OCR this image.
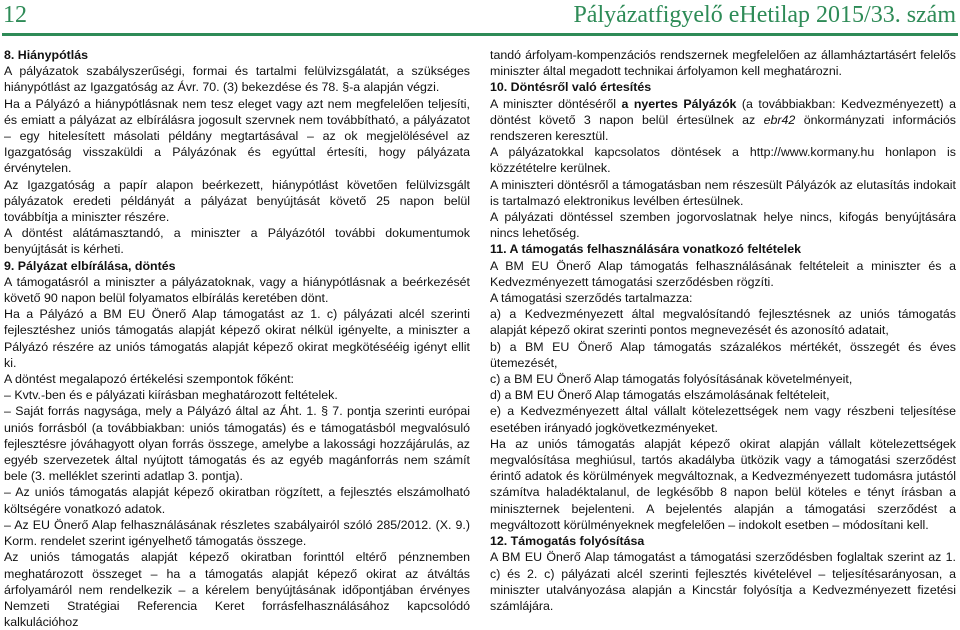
12	Pályázatfigyelő eHetilap 2015/33. szám

8. Hiánypótlás

A pályázatok szabályszerűségi, formai és tartalmi felülvizsgálatát, a szükséges hiánypótlást az Igazgatóság az Ávr. 70. (3) bekezdése és 78. §-a alapján végzi.

Ha a Pályázó a hiánypótlásnak nem tesz eleget vagy azt nem megfelelően teljesíti, és emiatt a pályázat az elbírálásra jogosult szervnek nem továbbítható, a pályázatot – egy hitelesített másolati példány megtartásával – az ok megjelölésével az Igazgatóság visszaküldi a Pályázónak és egyúttal értesíti, hogy pályázata érvénytelen.

Az Igazgatóság a papír alapon beérkezett, hiánypótlást követően felülvizsgált pályázatok eredeti példányát a pályázat benyújtását követő 25 napon belül továbbítja a miniszter részére.

A döntést alátámasztandó, a miniszter a Pályázótól további dokumentumok benyújtását is kérheti.

9. Pályázat elbírálása, döntés

A támogatásról a miniszter a pályázatoknak, vagy a hiánypótlásnak a beérkezését követő 90 napon belül folyamatos elbírálás keretében dönt.

Ha a Pályázó a BM EU Önerő Alap támogatást az 1. c) pályázati alcél szerinti fejlesztéshez uniós támogatás alapját képező okirat nélkül igényelte, a miniszter a Pályázó részére az uniós támogatás alapját képező okirat megkötésééig igényt ellit ki.

A döntést megalapozó értékelési szempontok főként:

– Kvtv.-ben és e pályázati kiírásban meghatározott feltételek.

– Saját forrás nagysága, mely a Pályázó által az Áht. 1. § 7. pontja szerinti európai uniós forrásból (a továbbiakban: uniós támogatás) és e támogatásból megvalósuló fejlesztésre jóváhagyott olyan forrás összege, amelybe a lakossági hozzájárulás, az egyéb szervezetek által nyújtott támogatás és az egyéb magánforrás nem számít bele (3. melléklet szerinti adatlap 3. pontja).

– Az uniós támogatás alapját képező okiratban rögzített, a fejlesztés elszámolható költségére vonatkozó adatok.

– Az EU Önerő Alap felhasználásának részletes szabályairól szóló 285/2012. (X. 9.) Korm. rendelet szerint igényelhető támogatás összege.

Az uniós támogatás alapját képező okiratban forinttól eltérő pénznemben meghatározott összeget – ha a támogatás alapját képező okirat az átváltás árfolyamáról nem rendelkezik – a kérelem benyújtásának időpontjában érvényes Nemzeti Stratégiai Referencia Keret forrásfelhasználásához kapcsolódó kalkulációhoz

tandó árfolyam-kompenzációs rendszernek megfelelően az államháztartásért felelős miniszter által megadott technikai árfolyamon kell meghatározni.

10. Döntésről való értesítés

A miniszter döntéséről a nyertes Pályázók (a továbbiakban: Kedvezményezett) a döntést követő 3 napon belül értesülnek az ebr42 önkormányzati információs rendszeren keresztül.

A pályázatokkal kapcsolatos döntések a http://www.kormany.hu honlapon is közzétételre kerülnek.

A miniszteri döntésről a támogatásban nem részesült Pályázók az elutasítás indokait is tartalmazó elektronikus levélben értesülnek.

A pályázati döntéssel szemben jogorvoslatnak helye nincs, kifogás benyújtására nincs lehetőség.

11. A támogatás felhasználására vonatkozó feltételek

A BM EU Önerő Alap támogatás felhasználásának feltételeit a miniszter és a Kedvezményezett támogatási szerződésben rögzíti.

A támogatási szerződés tartalmazza:

a) a Kedvezményezett által megvalósítandó fejlesztésnek az uniós támogatás alapját képező okirat szerinti pontos megnevezését és azonosító adatait,

b) a BM EU Önerő Alap támogatás százalékos mértékét, összegét és éves ütemezését,

c) a BM EU Önerő Alap támogatás folyósításának követelményeit,

d) a BM EU Önerő Alap támogatás elszámolásának feltételeit,

e) a Kedvezményezett által vállalt kötelezettségek nem vagy részbeni teljesítése esetében irányadó jogkövetkezményeket.

Ha az uniós támogatás alapját képező okirat alapján vállalt kötelezettségek megvalósítása meghiúsul, tartós akadályba ütközik vagy a támogatási szerződést érintő adatok és körülmények megváltoznak, a Kedvezményezett tudomásra jutástól számítva haladéktalanul, de legkésőbb 8 napon belül köteles e tényt írásban a miniszternek bejelenteni. A bejelentés alapján a támogatási szerződést a megváltozott körülményeknek megfelelően – indokolt esetben – módosítani kell.

12. Támogatás folyósítása

A BM EU Önerő Alap támogatást a támogatási szerződésben foglaltak szerint az 1. c) és 2. c) pályázati alcél szerinti fejlesztés kivételével – teljesítésarányosan, a miniszter utalványozása alapján a Kincstár folyósítja a Kedvezményezett fizetési számlájára.
